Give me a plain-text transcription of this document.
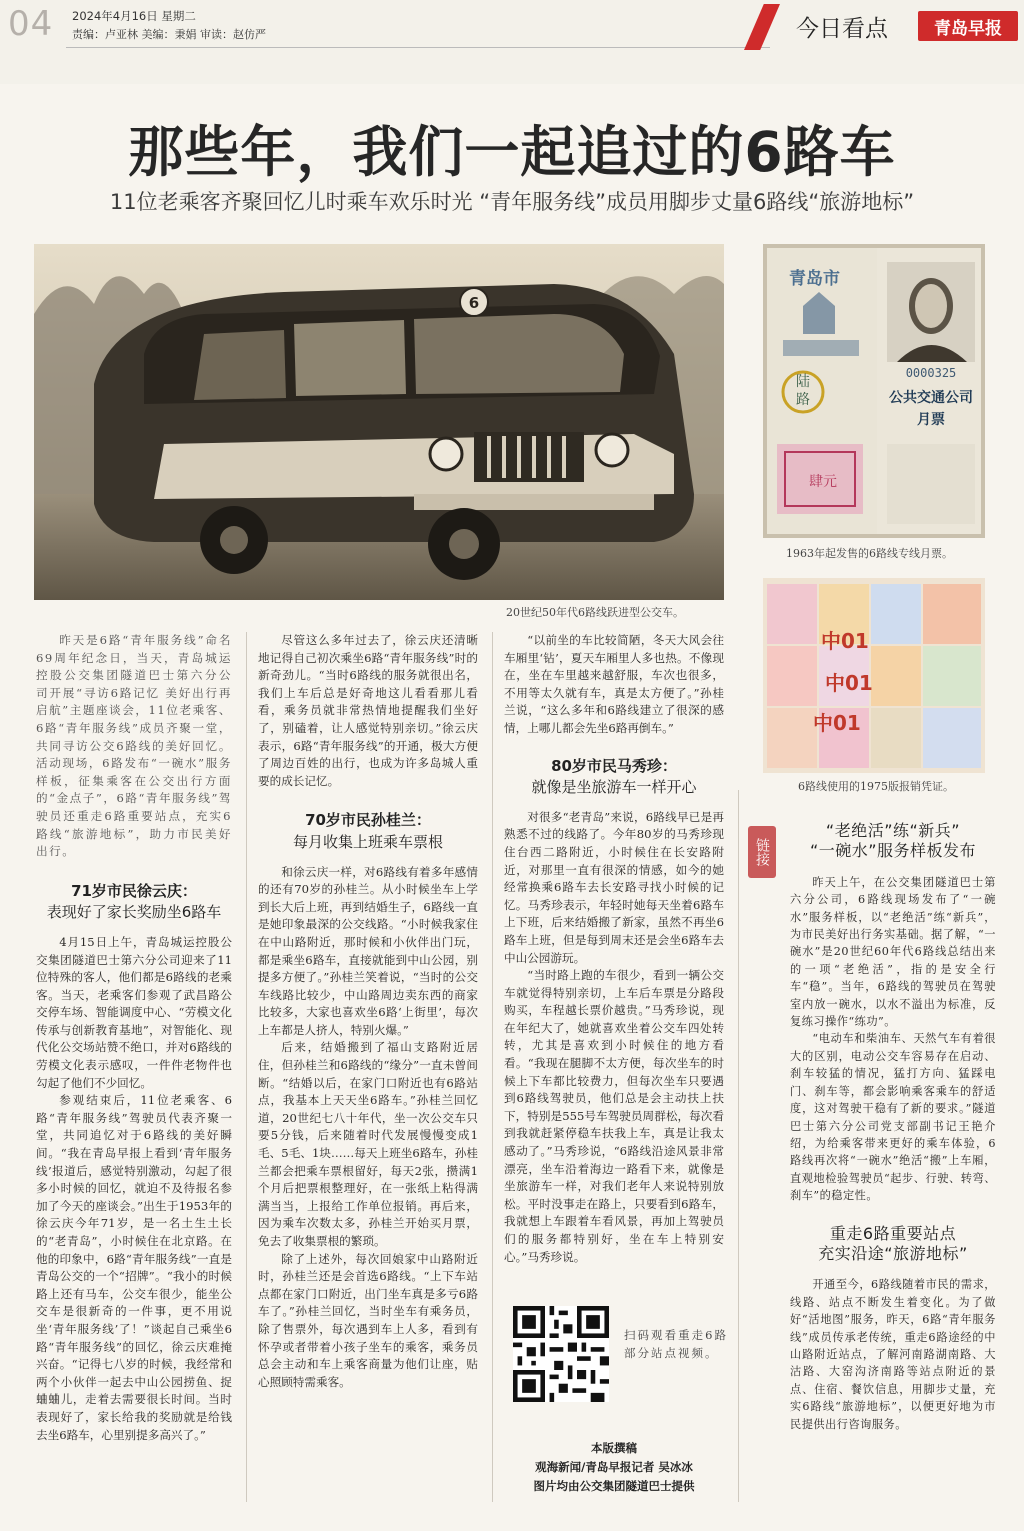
04 2024年4月16日 星期二
责编：卢亚林 美编：秉娟 审读：赵仿严	今日看点	青岛早报
那些年，我们一起追过的6路车
11位老乘客齐聚回忆儿时乘车欢乐时光 “青年服务线”成员用脚步丈量6路线“旅游地标”
6
20世纪50年代6路线跃进型公交车。
青岛市
陆
路
肆元
0000325
公共交通公司
月票
1963年起发售的6路线专线月票。
中01
中01
中01
6路线使用的1975版报销凭证。

昨天是6路“青年服务线”命名69周年纪念日，当天，青岛城运控股公交集团隧道巴士第六分公司开展“寻访6路记忆 美好出行再启航”主题座谈会，11位老乘客、6路“青年服务线”成员齐聚一堂，共同寻访公交6路线的美好回忆。活动现场，6路发布“一碗水”服务样板，征集乘客在公交出行方面的“金点子”，6路“青年服务线”驾驶员还重走6路重要站点，充实6路线“旅游地标”，助力市民美好出行。

71岁市民徐云庆：
表现好了家长奖励坐6路车

4月15日上午，青岛城运控股公交集团隧道巴士第六分公司迎来了11位特殊的客人，他们都是6路线的老乘客。当天，老乘客们参观了武昌路公交停车场、智能调度中心、“劳模文化传承与创新教育基地”，对智能化、现代化公交场站赞不绝口，并对6路线的劳模文化表示感叹，一件件老物件也勾起了他们不少回忆。

参观结束后，11位老乘客、6路“青年服务线”驾驶员代表齐聚一堂，共同追忆对于6路线的美好瞬间。“我在青岛早报上看到‘青年服务线’报道后，感觉特别激动，勾起了很多小时候的回忆，就迫不及待报名参加了今天的座谈会。”出生于1953年的徐云庆今年71岁，是一名土生土长的“老青岛”，小时候住在北京路。在他的印象中，6路“青年服务线”一直是青岛公交的一个“招牌”。“我小的时候路上还有马车，公交车很少，能坐公交车是很新奇的一件事，更不用说坐‘青年服务线’了！”谈起自己乘坐6路“青年服务线”的回忆，徐云庆难掩兴奋。“记得七八岁的时候，我经常和两个小伙伴一起去中山公园捞鱼、捉蛐蛐儿，走着去需要很长时间。当时表现好了，家长给我的奖励就是给钱去坐6路车，心里别提多高兴了。”

尽管这么多年过去了，徐云庆还清晰地记得自己初次乘坐6路“青年服务线”时的新奇劲儿。“当时6路线的服务就很出名，我们上车后总是好奇地这儿看看那儿看看，乘务员就非常热情地提醒我们坐好了，别磕着，让人感觉特别亲切。”徐云庆表示，6路“青年服务线”的开通，极大方便了周边百姓的出行，也成为许多岛城人重要的成长记忆。

70岁市民孙桂兰：
每月收集上班乘车票根

和徐云庆一样，对6路线有着多年感情的还有70岁的孙桂兰。从小时候坐车上学到长大后上班，再到结婚生子，6路线一直是她印象最深的公交线路。“小时候我家住在中山路附近，那时候和小伙伴出门玩，都是乘坐6路车，直接就能到中山公园，别提多方便了。”孙桂兰笑着说，“当时的公交车线路比较少，中山路周边卖东西的商家比较多，大家也喜欢坐6路‘上街里’，每次上车都是人挤人，特别火爆。”

后来，结婚搬到了福山支路附近居住，但孙桂兰和6路线的“缘分”一直未曾间断。“结婚以后，在家门口附近也有6路站点，我基本上天天坐6路车。”孙桂兰回忆道，20世纪七八十年代，坐一次公交车只要5分钱，后来随着时代发展慢慢变成1毛、5毛、1块……每天上班坐6路车，孙桂兰都会把乘车票根留好，每天2张，攒满1个月后把票根整理好，在一张纸上粘得满满当当，上报给工作单位报销。再后来，因为乘车次数太多，孙桂兰开始买月票，免去了收集票根的繁琐。

除了上述外，每次回娘家中山路附近时，孙桂兰还是会首选6路线。“上下车站点都在家门口附近，出门坐车真是多亏6路车了。”孙桂兰回忆，当时坐车有乘务员，除了售票外，每次遇到车上人多，看到有怀孕或者带着小孩子坐车的乘客，乘务员总会主动和车上乘客商量为他们让座，贴心照顾特需乘客。

“以前坐的车比较简陋，冬天大风会往车厢里‘钻’，夏天车厢里人多也热。不像现在，坐在车里越来越舒服，车次也很多，不用等太久就有车，真是太方便了。”孙桂兰说，“这么多年和6路线建立了很深的感情，上哪儿都会先坐6路再倒车。”

80岁市民马秀珍：
就像是坐旅游车一样开心

对很多“老青岛”来说，6路线早已是再熟悉不过的线路了。今年80岁的马秀珍现住台西二路附近，小时候住在长安路附近，对那里一直有很深的情感，如今的她经常换乘6路车去长安路寻找小时候的记忆。马秀珍表示，年轻时她每天坐着6路车上下班，后来结婚搬了新家，虽然不再坐6路车上班，但是每到周末还是会坐6路车去中山公园游玩。

“当时路上跑的车很少，看到一辆公交车就觉得特别亲切，上车后车票是分路段购买，车程越长票价越贵。”马秀珍说，现在年纪大了，她就喜欢坐着公交车四处转转，尤其是喜欢到小时候住的地方看看。“我现在腿脚不太方便，每次坐车的时候上下车都比较费力，但每次坐车只要遇到6路线驾驶员，他们总是会主动扶上扶下，特别是555号车驾驶员周群松，每次看到我就赶紧停稳车扶我上车，真是让我太感动了。”马秀珍说，“6路线沿途风景非常漂亮，坐车沿着海边一路看下来，就像是坐旅游车一样，对我们老年人来说特别放松。平时没事走在路上，只要看到6路车，我就想上车跟着车看风景，再加上驾驶员们的服务都特别好，坐在车上特别安心。”马秀珍说。

扫码观看重走6路部分站点视频。
本版撰稿
观海新闻/青岛早报记者 吴冰冰
图片均由公交集团隧道巴士提供
链接
“老绝活”练“新兵”
“一碗水”服务样板发布

昨天上午，在公交集团隧道巴士第六分公司，6路线现场发布了“一碗水”服务样板，以“老绝活”练“新兵”，为市民美好出行务实基础。据了解，“一碗水”是20世纪60年代6路线总结出来的一项“老绝活”，指的是安全行车“稳”。当年，6路线的驾驶员在驾驶室内放一碗水，以水不溢出为标准，反复练习操作“练功”。

“电动车和柴油车、天然气车有着很大的区别，电动公交车容易存在启动、刹车较猛的情况，猛打方向、猛踩电门、刹车等，都会影响乘客乘车的舒适度，这对驾驶干稳有了新的要求。”隧道巴士第六分公司党支部副书记王艳介绍，为给乘客带来更好的乘车体验，6路线再次将“一碗水”绝活“搬”上车厢，直观地检验驾驶员“起步、行驶、转弯、刹车”的稳定性。

重走6路重要站点
充实沿途“旅游地标”

开通至今，6路线随着市民的需求，线路、站点不断发生着变化。为了做好“活地图”服务，昨天，6路“青年服务线”成员传承老传统，重走6路途经的中山路附近站点，了解河南路湖南路、大沽路、大窑沟济南路等站点附近的景点、住宿、餐饮信息，用脚步丈量，充实6路线“旅游地标”，以便更好地为市民提供出行咨询服务。
